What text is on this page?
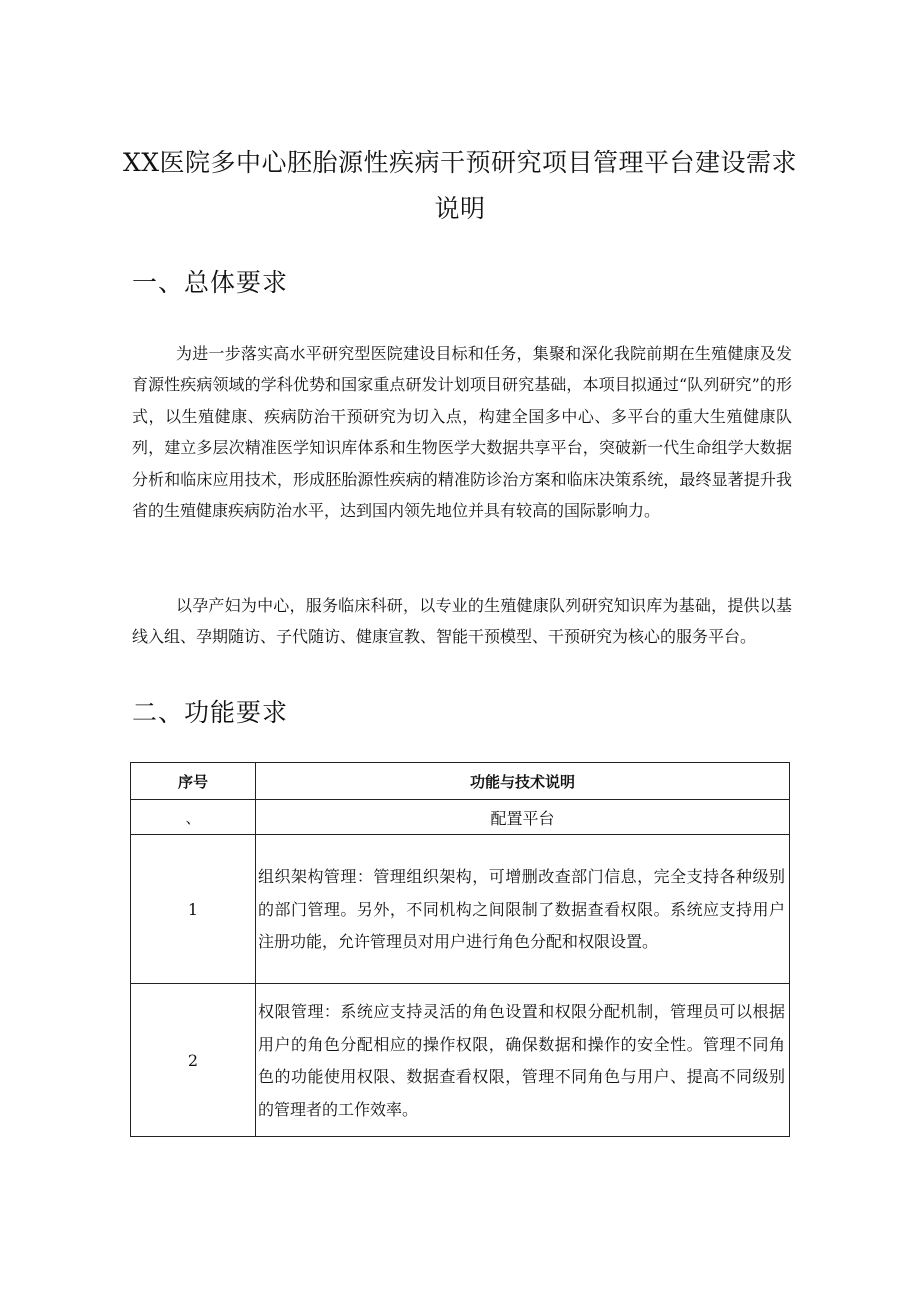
XX医院多中心胚胎源性疾病干预研究项目管理平台建设需求说明
一、总体要求

为进一步落实高水平研究型医院建设目标和任务，集聚和深化我院前期在生殖健康及发育源性疾病领域的学科优势和国家重点研发计划项目研究基础，本项目拟通过“队列研究”的形式，以生殖健康、疾病防治干预研究为切入点，构建全国多中心、多平台的重大生殖健康队列，建立多层次精准医学知识库体系和生物医学大数据共享平台，突破新一代生命组学大数据分析和临床应用技术，形成胚胎源性疾病的精准防诊治方案和临床决策系统，最终显著提升我省的生殖健康疾病防治水平，达到国内领先地位并具有较高的国际影响力。

以孕产妇为中心，服务临床科研，以专业的生殖健康队列研究知识库为基础，提供以基线入组、孕期随访、子代随访、健康宣教、智能干预模型、干预研究为核心的服务平台。

二、功能要求
序号	功能与技术说明
、	配置平台
1	组织架构管理：管理组织架构，可增删改查部门信息，完全支持各种级别的部门管理。另外，不同机构之间限制了数据查看权限。系统应支持用户注册功能，允许管理员对用户进行角色分配和权限设置。
2	权限管理：系统应支持灵活的角色设置和权限分配机制，管理员可以根据用户的角色分配相应的操作权限，确保数据和操作的安全性。管理不同角色的功能使用权限、数据查看权限，管理不同角色与用户、提高不同级别的管理者的工作效率。
